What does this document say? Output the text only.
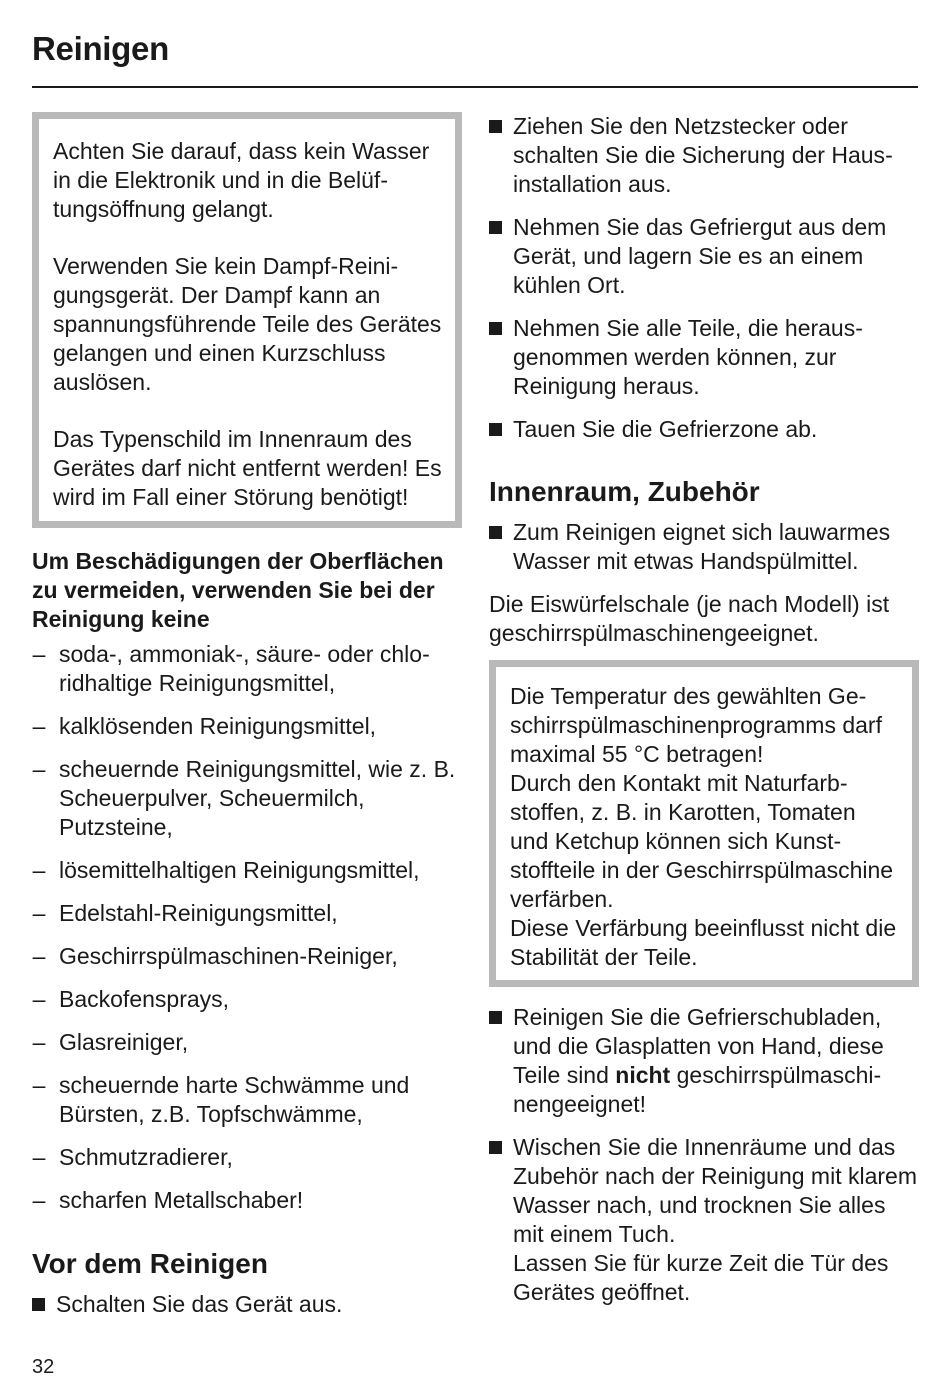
Reinigen

Achten Sie darauf, dass kein Wasser in die Elektronik und in die Belüftungsöffnung gelangt.

Verwenden Sie kein Dampf-Reinigungsgerät. Der Dampf kann an spannungsführende Teile des Gerätes gelangen und einen Kurzschluss auslösen.

Das Typenschild im Innenraum des Gerätes darf nicht entfernt werden! Es wird im Fall einer Störung benötigt!

Um Beschädigungen der Oberflächen zu vermeiden, verwenden Sie bei der Reinigung keine

– soda-, ammoniak-, säure- oder chloridhaltige Reinigungsmittel,
– kalklösenden Reinigungsmittel,
– scheuernde Reinigungsmittel, wie z. B. Scheuerpulver, Scheuermilch, Putzsteine,
– lösemittelhaltigen Reinigungsmittel,
– Edelstahl-Reinigungsmittel,
– Geschirrspülmaschinen-Reiniger,
– Backofensprays,
– Glasreiniger,
– scheuernde harte Schwämme und Bürsten, z.B. Topfschwämme,
– Schmutzradierer,
– scharfen Metallschaber!
Vor dem Reinigen
Schalten Sie das Gerät aus.
Ziehen Sie den Netzstecker oder schalten Sie die Sicherung der Hausinstallation aus.
Nehmen Sie das Gefriergut aus dem Gerät, und lagern Sie es an einem kühlen Ort.
Nehmen Sie alle Teile, die herausgenommen werden können, zur Reinigung heraus.
Tauen Sie die Gefrierzone ab.
Innenraum, Zubehör
Zum Reinigen eignet sich lauwarmes Wasser mit etwas Handspülmittel.

Die Eiswürfelschale (je nach Modell) ist geschirrspülmaschinengeeignet.

Die Temperatur des gewählten Geschirrspülmaschinenprogramms darf maximal 55 °C betragen!
Durch den Kontakt mit Naturfarbstoffen, z. B. in Karotten, Tomaten und Ketchup können sich Kunststoffteile in der Geschirrspülmaschine verfärben.
Diese Verfärbung beeinflusst nicht die Stabilität der Teile.
Reinigen Sie die Gefrierschubladen, und die Glasplatten von Hand, diese Teile sind nicht geschirrspülmaschinengeeignet!
Wischen Sie die Innenräume und das Zubehör nach der Reinigung mit klarem Wasser nach, und trocknen Sie alles mit einem Tuch.
Lassen Sie für kurze Zeit die Tür des Gerätes geöffnet.
32
